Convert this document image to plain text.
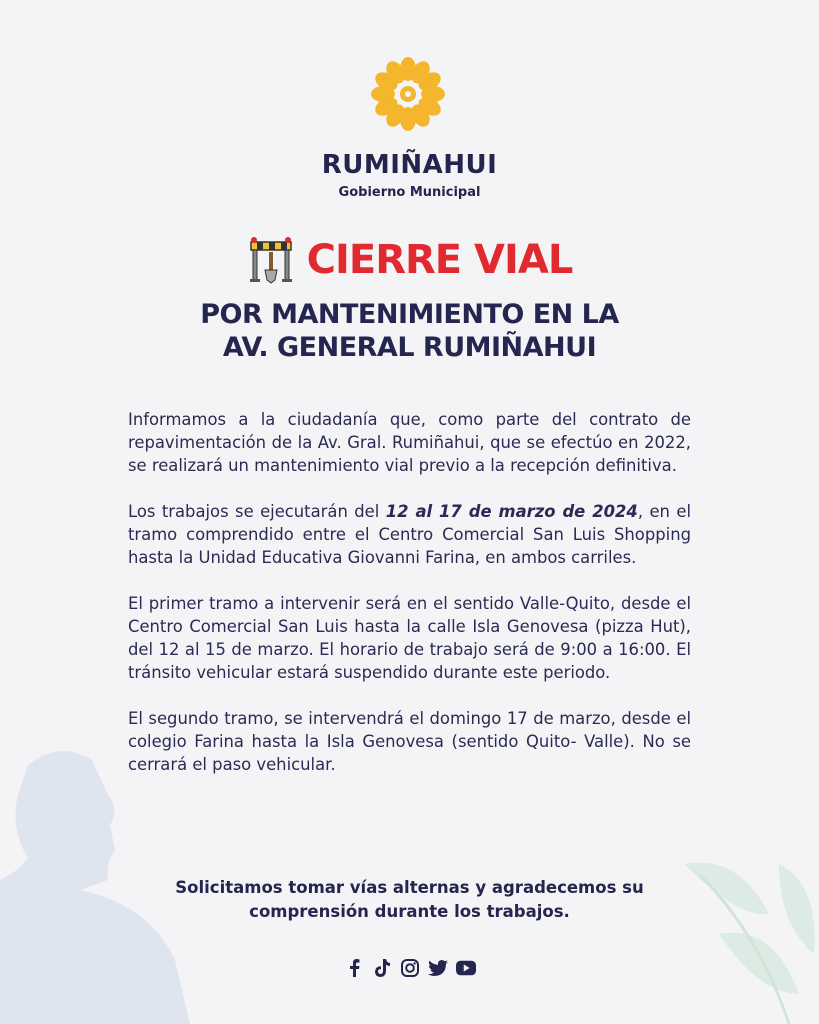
RUMIÑAHUI
Gobierno Municipal
CIERRE VIAL
POR MANTENIMIENTO EN LA
AV. GENERAL RUMIÑAHUI

Informamos a la ciudadanía que, como parte del contrato de repavimentación de la Av. Gral. Rumiñahui, que se efectúo en 2022, se realizará un mantenimiento vial previo a la recepción definitiva.

Los trabajos se ejecutarán del 12 al 17 de marzo de 2024, en el tramo comprendido entre el Centro Comercial San Luis Shopping hasta la Unidad Educativa Giovanni Farina, en ambos carriles.

El primer tramo a intervenir será en el sentido Valle-Quito, desde el Centro Comercial San Luis hasta la calle Isla Genovesa (pizza Hut), del 12 al 15 de marzo. El horario de trabajo será de 9:00 a 16:00. El tránsito vehicular estará suspendido durante este periodo.

El segundo tramo, se intervendrá el domingo 17 de marzo, desde el colegio Farina hasta la Isla Genovesa (sentido Quito- Valle). No se cerrará el paso vehicular.

Solicitamos tomar vías alternas y agradecemos su
comprensión durante los trabajos.
